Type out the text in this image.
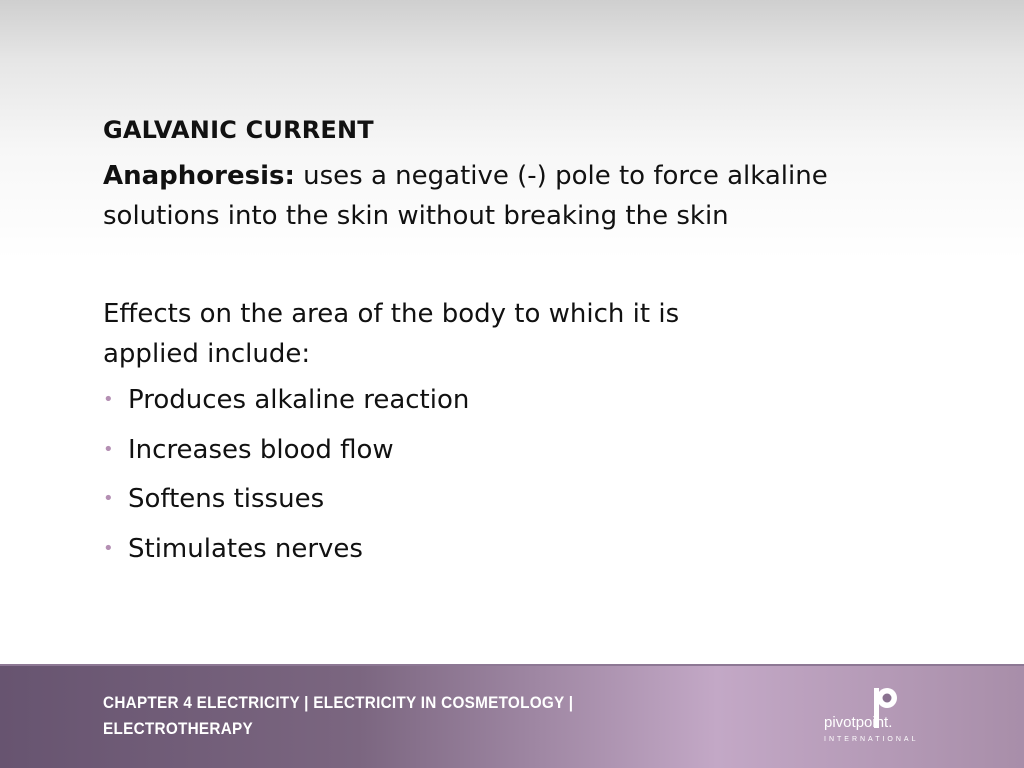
GALVANIC CURRENT

Anaphoresis: uses a negative (-) pole to force alkaline solutions into the skin without breaking the skin

Effects on the area of the body to which it is applied include:

• Produces alkaline reaction
• Increases blood flow
• Softens tissues
• Stimulates nerves
CHAPTER 4 ELECTRICITY | ELECTRICITY IN COSMETOLOGY | ELECTROTHERAPY	pivotpoint.
INTERNATIONAL
